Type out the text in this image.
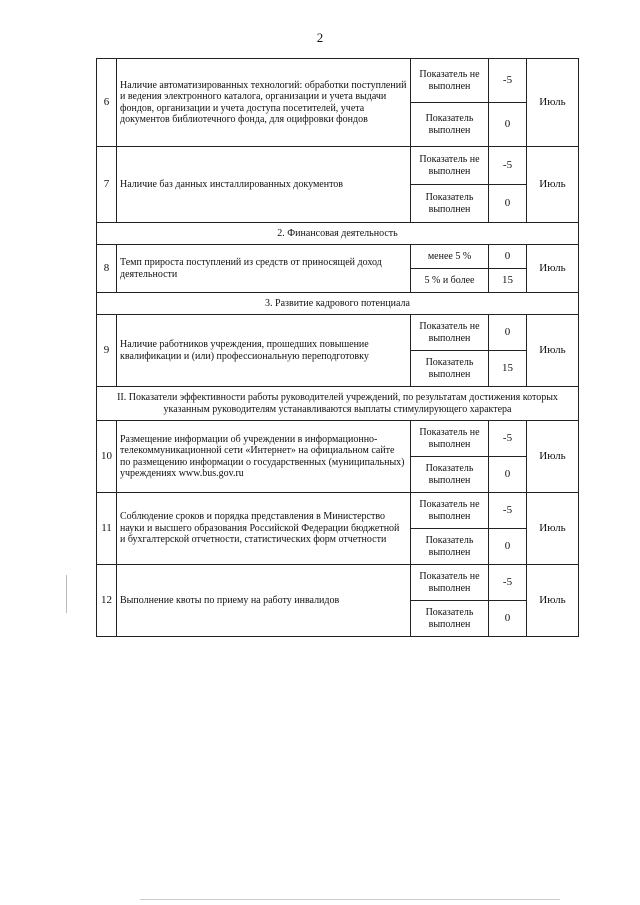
2
6	Наличие автоматизированных технологий: обработки поступлений и ведения электронного каталога, организации и учета выдачи фондов, организации и учета доступа посетителей, учета документов библиотечного фонда, для оцифровки фондов	Показатель не выполнен	-5	Июль
		Показатель выполнен	0	
7	Наличие баз данных инсталлированных документов	Показатель не выполнен	-5	Июль
		Показатель выполнен	0	
2. Финансовая деятельность				
8	Темп прироста поступлений из средств от приносящей доход деятельности	менее 5 %	0	Июль
		5 % и более	15	
3. Развитие кадрового потенциала				
9	Наличие работников учреждения, прошедших повышение квалификации и (или) профессиональную переподготовку	Показатель не выполнен	0	Июль
		Показатель выполнен	15	
II. Показатели эффективности работы руководителей учреждений, по результатам достижения которых указанным руководителям устанавливаются выплаты стимулирующего характера				
10	Размещение информации об учреждении в информационно-телекоммуникационной сети «Интернет» на официальном сайте по размещению информации о государственных (муниципальных) учреждениях www.bus.gov.ru	Показатель не выполнен	-5	Июль
		Показатель выполнен	0	
11	Соблюдение сроков и порядка представления в Министерство науки и высшего образования Российской Федерации бюджетной и бухгалтерской отчетности, статистических форм отчетности	Показатель не выполнен	-5	Июль
		Показатель выполнен	0	
12	Выполнение квоты по приему на работу инвалидов	Показатель не выполнен	-5	Июль
		Показатель выполнен	0	
